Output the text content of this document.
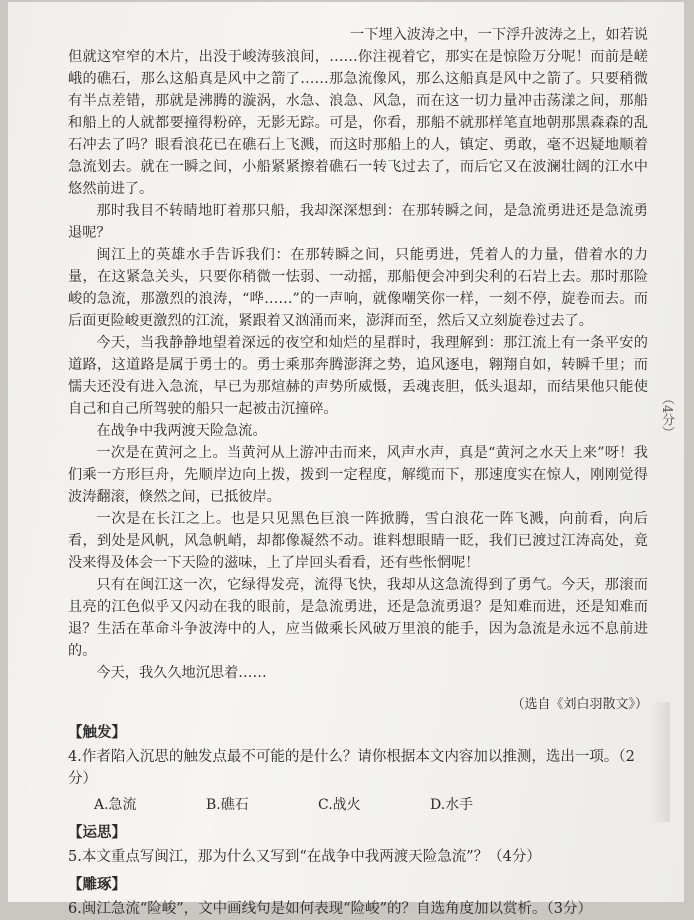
一下埋入波涛之中，一下浮升波涛之上，如若说

但就这窄窄的木片，出没于峻涛骇浪间，……你注视着它，那实在是惊险万分呢！而前是嵯峨的礁石，那么这船真是风中之箭了……那急流像风，那么这船真是风中之箭了。只要稍微有半点差错，那就是沸腾的漩涡，水急、浪急、风急，而在这一切力量冲击荡漾之间，那船和船上的人就都要撞得粉碎，无影无踪。可是，你看，那船不就那样笔直地朝那黑森森的乱石冲去了吗？眼看浪花已在礁石上飞溅，而这时那船上的人，镇定、勇敢，毫不迟疑地顺着急流划去。就在一瞬之间，小船紧紧擦着礁石一转飞过去了，而后它又在波澜壮阔的江水中悠然前进了。

那时我目不转睛地盯着那只船，我却深深想到：在那转瞬之间，是急流勇进还是急流勇退呢？

闽江上的英雄水手告诉我们：在那转瞬之间，只能勇进，凭着人的力量，借着水的力量，在这紧急关头，只要你稍微一怯弱、一动摇，那船便会冲到尖利的石岩上去。那时那险峻的急流，那激烈的浪涛，“哗……”的一声响，就像嘲笑你一样，一刻不停，旋卷而去。而后面更险峻更激烈的江流，紧跟着又汹涌而来，澎湃而至，然后又立刻旋卷过去了。

今天，当我静静地望着深远的夜空和灿烂的星群时，我理解到：那江流上有一条平安的道路，这道路是属于勇士的。勇士乘那奔腾澎湃之势，追风逐电，翱翔自如，转瞬千里；而懦夫还没有进入急流，早已为那煊赫的声势所威慑，丢魂丧胆，低头退却，而结果他只能使自己和自己所驾驶的船只一起被击沉撞碎。

在战争中我两渡天险急流。

一次是在黄河之上。当黄河从上游冲击而来，风声水声，真是“黄河之水天上来”呀！我们乘一方形巨舟，先顺岸边向上拨，拨到一定程度，解缆而下，那速度实在惊人，刚刚觉得波涛翻滚，倏然之间，已抵彼岸。

一次是在长江之上。也是只见黑色巨浪一阵掀腾，雪白浪花一阵飞溅，向前看，向后看，到处是风帆，风急帆峭，却都像凝然不动。谁料想眼睛一眨，我们已渡过江涛高处，竟没来得及体会一下天险的滋味，上了岸回头看看，还有些怅惘呢！

只有在闽江这一次，它绿得发亮，流得飞快，我却从这急流得到了勇气。今天，那滚而且亮的江色似乎又闪动在我的眼前，是急流勇进，还是急流勇退？是知难而进，还是知难而退？生活在革命斗争波涛中的人，应当做乘长风破万里浪的能手，因为急流是永远不息前进的。

今天，我久久地沉思着……

（选自《刘白羽散文》）
【触发】
4.作者陷入沉思的触发点最不可能的是什么？请你根据本文内容加以推测，选出一项。（2分）
A.急流	B.礁石	C.战火	D.水手
【运思】
5.本文重点写闽江，那为什么又写到“在战争中我两渡天险急流”？（4分）
【雕琢】
6.闽江急流“险峻”，文中画线句是如何表现“险峻”的？自选角度加以赏析。（3分）
（4分）
